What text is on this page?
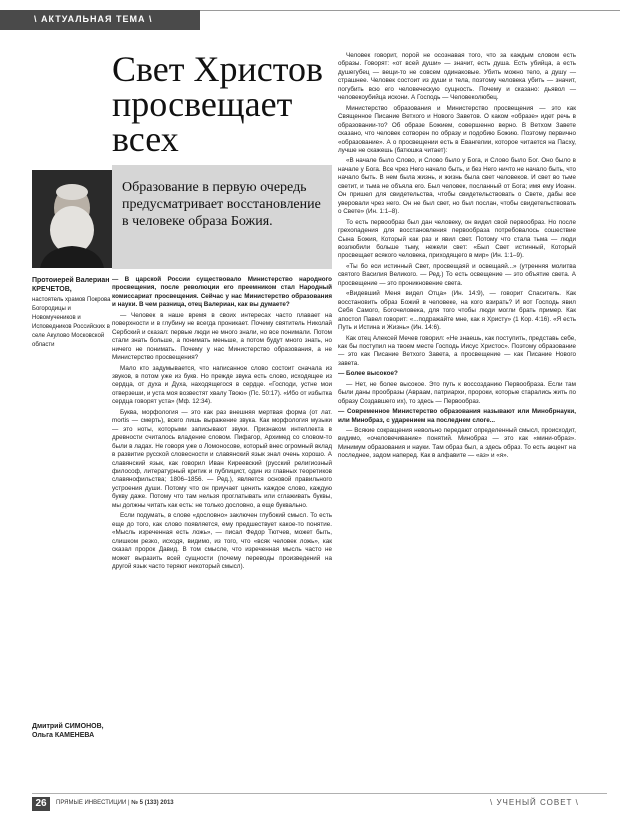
\ АКТУАЛЬНАЯ ТЕМА \
Свет Христов просвещает всех

Образование в первую очередь предусматривает восстановление в человеке образа Божия.

Протоиерей Валериан КРЕЧЕТОВ,
настоятель храмов Покрова Богородицы и Новомучеников и Исповедников Российских в селе Акулово Московской области
Дмитрий СИМОНОВ, Ольга КАМЕНЕВА

— В царской России существовало Министерство народного просвещения, после революции его преемником стал Народный комиссариат просвещения. Сейчас у нас Министерство образования и науки. В чем разница, отец Валериан, как вы думаете?

— Человек в наше время в своих интересах часто плавает на поверхности и в глубину не всегда проникает. Почему святитель Николай Сербский и сказал: первые люди не много знали, но все понимали. Потом стали знать больше, а понимать меньше, а потом будут много знать, но ничего не понимать. Почему у нас Министерство образования, а не Министерство просвещения?

Мало кто задумывается, что написанное слово состоит сначала из звуков, в потом уже из букв. Но прежде звука есть слово, исходящее из сердца, от духа и Духа, находящегося в сердце. «Господи, устне мои отверзеши, и уста моя возвестят хвалу Твою» (Пс. 50:17). «Ибо от избытка сердца говорят уста» (Мф. 12:34).

Буква, морфология — это как раз внешняя мертвая форма (от лат. mortis — смерть), всего лишь выражение звука. Как морфология музыки — это ноты, которыми записывают звуки. Признаком интеллекта в древности считалось владение словом. Пифагор, Архимед со словом-то были в ладах. Не говоря уже о Ломоносове, который внес огромный вклад в развитие русской словесности и славянский язык знал очень хорошо. А славянский язык, как говорил Иван Киреевский (русский религиозный философ, литературный критик и публицист, один из главных теоретиков славянофильства; 1806–1856. — Ред.), является основой правильного устроения души. Потому что он приучает ценить каждое слово, каждую букву даже. Потому что там нельзя проглатывать или сглаживать буквы, мы должны читать как есть: не только дословно, а еще буквально.

Если подумать, в слове «дословно» заключен глубокий смысл. То есть еще до того, как слово появляется, ему предшествует какое-то понятие. «Мысль изреченная есть ложь», — писал Федор Тютчев, может быть, слишком резко, исходя, видимо, из того, что «всяк человек ложь», как сказал пророк Давид. В том смысле, что изреченная мысль часто не может выразить всей сущности (почему переводы произведений на другой язык часто теряют некоторый смысл).

Человек говорит, порой не осознавая того, что за каждым словом есть образы. Говорят: «от всей души» — значит, есть душа. Есть убийца, а есть душегубец — вещи-то не совсем одинаковые. Убить можно тело, а душу — страшнее. Человек состоит из души и тела, поэтому человека убить — значит, погубить всю его человеческую сущность. Почему и сказано: дьявол — человекоубийца искони. А Господь — Человеколюбец.

Министерство образования и Министерство просвещения — это как Священное Писание Ветхого и Нового Заветов. О каком «образе» идет речь в образовании-то? Об образе Божием, совершенно верно. В Ветхом Завете сказано, что человек сотворен по образу и подобию Божию. Поэтому первично «образование». А о просвещении есть в Евангелии, которое читается на Пасху, лучше не скажешь (батюшка читает):

«В начале было Слово, и Слово было у Бога, и Слово было Бог. Оно было в начале у Бога. Все чрез Него начало быть, и без Него ничто не начало быть, что начало быть. В нем была жизнь, и жизнь была свет человеков. И свет во тьме светит, и тьма не объяла его. Был человек, посланный от Бога; имя ему Иоанн. Он пришел для свидетельства, чтобы свидетельствовать о Свете, дабы все уверовали чрез него. Он не был свет, но был послан, чтобы свидетельствовать о Свете» (Ин. 1:1–8).

То есть первообраз был дан человеку, он видел свой первообраз. Но после грехопадения для восстановления первообраза потребовалось сошествие Сына Божия, Который как раз и явил свет. Потому что стала тьма — люди возлюбили больше тьму, нежели свет: «Был Свет истинный, Который просвещает всякого человека, приходящего в мир» (Ин. 1:1–9).

«Ты бо еси истинный Свет, просвещаяй и освещаяй...» (утренняя молитва святого Василия Великого. — Ред.) То есть освещение — это объятие света. А просвещение — это проникновение света.

«Видевший Меня видел Отца» (Ин. 14:9), — говорит Спаситель. Как восстановить образ Божий в человеке, на кого взирать? И вот Господь явил Себя Самого, Богочеловека, для того чтобы люди могли брать пример. Как апостол Павел говорит: «...подражайте мне, как я Христу» (1 Кор. 4:16). «Я есть Путь и Истина и Жизнь» (Ин. 14:6).

Как отец Алексей Мечев говорил: «Не знаешь, как поступить, представь себе, как бы поступил на твоем месте Господь Иисус Христос». Поэтому образование — это как Писание Ветхого Завета, а просвещение — как Писание Нового завета.

— Более высокое?

— Нет, не более высокое. Это путь к воссозданию Первообраза. Если там были даны прообразы (Авраам, патриархи, пророки, которые старались жить по образу Создавшего их), то здесь — Первообраз.

— Современное Министерство образования называют или Минобрнауки, или Минобраз, с ударением на последнем слоге...

— Всякие сокращения невольно передают определенный смысл, происходит, видимо, «очеловечивание» понятий. Минобраз — это как «мини-образ». Минимум образования и науки. Там образ был, а здесь образ. То есть акцент на последнее, задом наперед. Как в алфавите — «аз» и «я».

26	ПРЯМЫЕ ИНВЕСТИЦИИ | № 5 (133) 2013	\ УЧЕНЫЙ СОВЕТ \
